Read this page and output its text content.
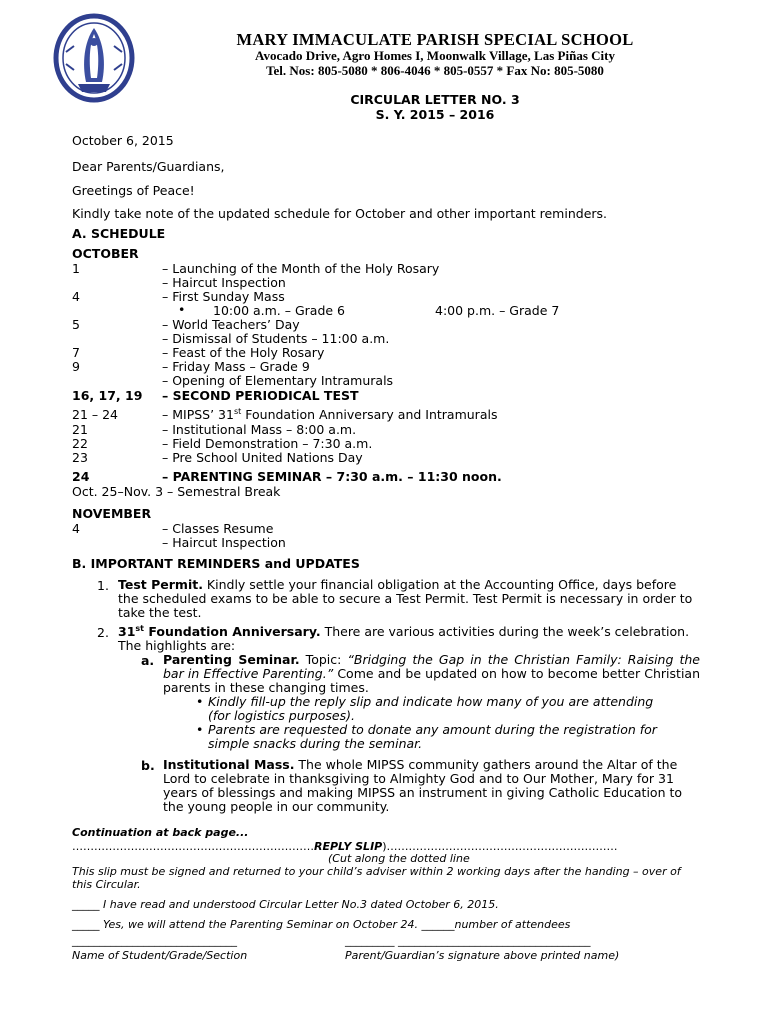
MARY IMMACULATE PARISH SPECIAL SCHOOL
Avocado Drive, Agro Homes I, Moonwalk Village, Las Piñas City
Tel. Nos: 805-5080 * 806-4046 * 805-0557 * Fax No: 805-5080
CIRCULAR LETTER NO. 3
S. Y. 2015 – 2016
October 6, 2015
Dear Parents/Guardians,
Greetings of Peace!
Kindly take note of the updated schedule for October and other important reminders.
A. SCHEDULE
OCTOBER
1	– Launching of the Month of the Holy Rosary
– Haircut Inspection
4	– First Sunday Mass
• 10:00 a.m. – Grade 6	4:00 p.m. – Grade 7
5	– World Teachers’ Day
– Dismissal of Students – 11:00 a.m.
7	– Feast of the Holy Rosary
9	– Friday Mass – Grade 9
– Opening of Elementary Intramurals
16, 17, 19 – SECOND PERIODICAL TEST
21 – 24	– MIPSS’ 31st Foundation Anniversary and Intramurals
21	– Institutional Mass – 8:00 a.m.
22	– Field Demonstration – 7:30 a.m.
23	– Pre School United Nations Day
24	– PARENTING SEMINAR – 7:30 a.m. – 11:30 noon.
Oct. 25–Nov. 3 – Semestral Break
NOVEMBER
4	– Classes Resume
– Haircut Inspection
B. IMPORTANT REMINDERS and UPDATES
1. Test Permit. Kindly settle your financial obligation at the Accounting Office, days before the scheduled exams to be able to secure a Test Permit. Test Permit is necessary in order to take the test.
2. 31st Foundation Anniversary. There are various activities during the week’s celebration. The highlights are:
a. Parenting Seminar. Topic: “Bridging the Gap in the Christian Family: Raising the bar in Effective Parenting.” Come and be updated on how to become better Christian parents in these changing times.
• Kindly fill-up the reply slip and indicate how many of you are attending (for logistics purposes).
• Parents are requested to donate any amount during the registration for simple snacks during the seminar.
b. Institutional Mass. The whole MIPSS community gathers around the Altar of the Lord to celebrate in thanksgiving to Almighty God and to Our Mother, Mary for 31 years of blessings and making MIPSS an instrument in giving Catholic Education to the young people in our community.
Continuation at back page...
…………………………………………………………REPLY SLIP)………………………………………………………
(Cut along the dotted line
This slip must be signed and returned to your child’s adviser within 2 working days after the handing – over of this Circular.
_____ I have read and understood Circular Letter No.3 dated October 6, 2015.
_____ Yes, we will attend the Parenting Seminar on October 24. ______number of attendees
______________________________	_________ ___________________________________
Name of Student/Grade/Section	Parent/Guardian’s signature above printed name)
